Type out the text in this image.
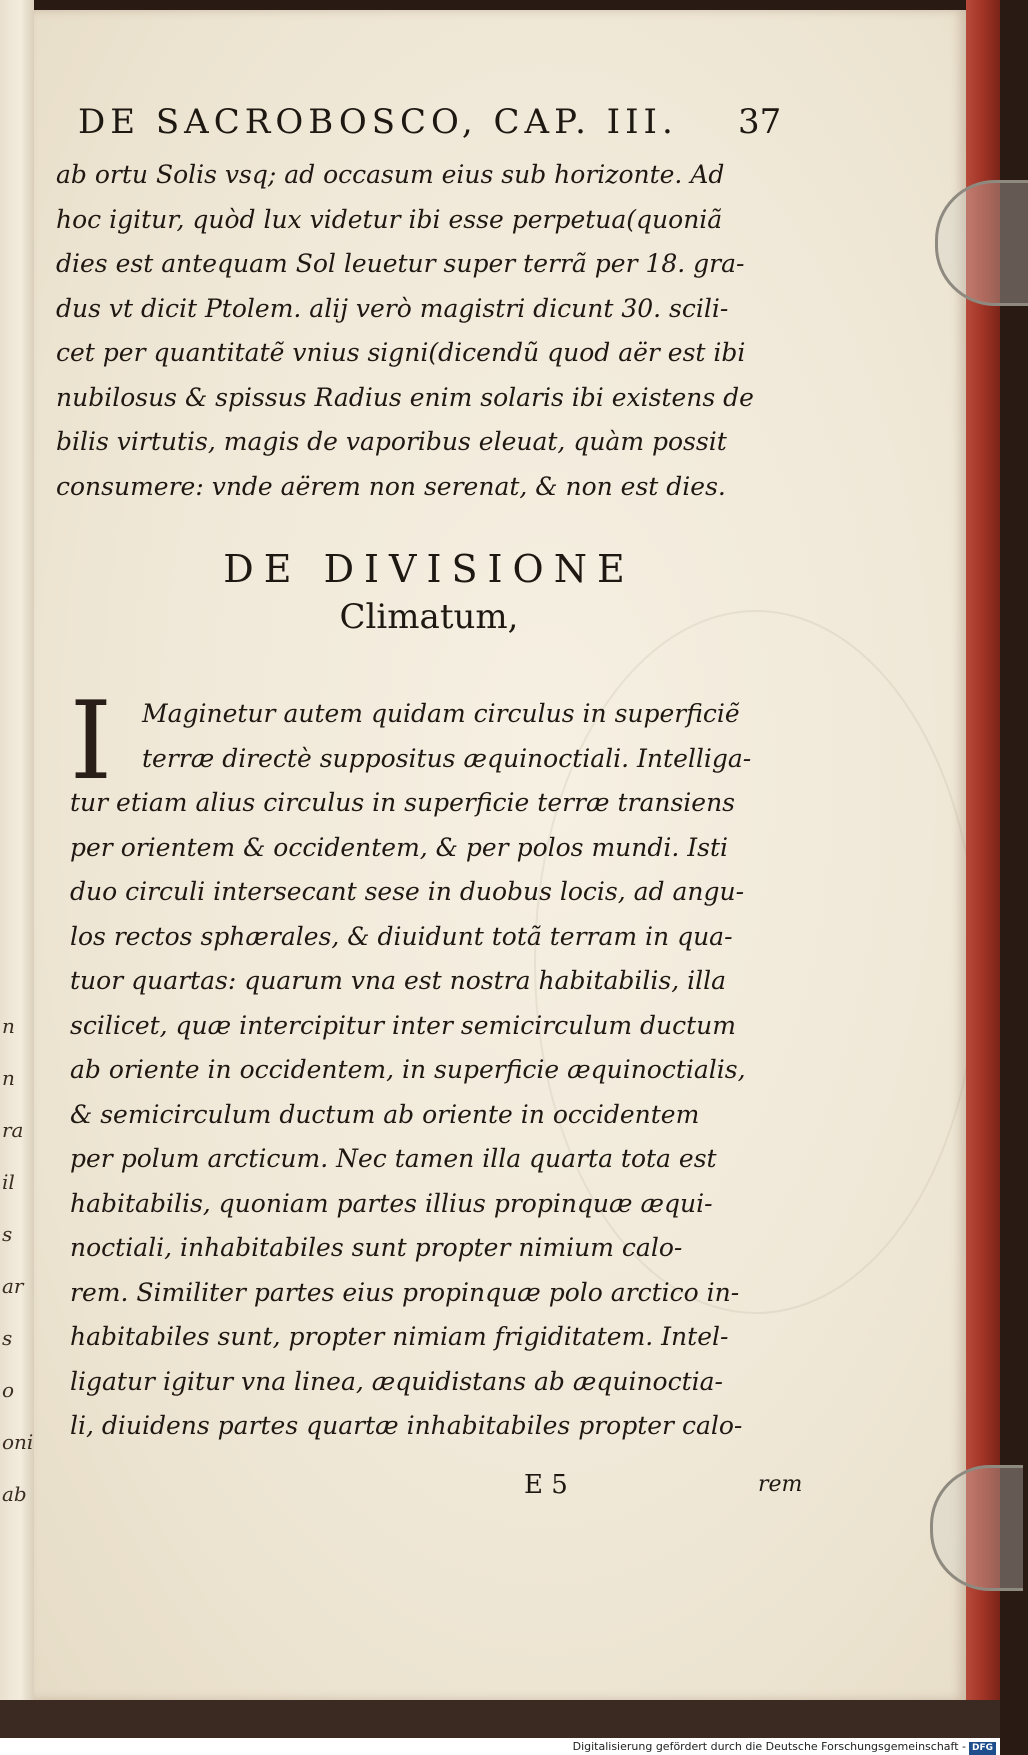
n
n
ra
il
s
ar
s
o
oni
ab
DE SACROBOSCO, CAP. III. 37
ab ortu Solis vsq; ad occasum eius sub horizonte. Ad
hoc igitur, quòd lux videtur ibi esse perpetua(quoniã
dies est antequam Sol leuetur super terrã per 18. gra-
dus vt dicit Ptolem. alij verò magistri dicunt 30. scili-
cet per quantitatẽ vnius signi(dicendũ quod aër est ibi
nubilosus & spissus Radius enim solaris ibi existens de
bilis virtutis, magis de vaporibus eleuat, quàm possit
consumere: vnde aërem non serenat, & non est dies.
DE DIVISIONE
Climatum,
I	Maginetur autem quidam circulus in superficiẽ
terræ directè suppositus æquinoctiali. Intelliga-
tur etiam alius circulus in superficie terræ transiens
per orientem & occidentem, & per polos mundi. Isti
duo circuli intersecant sese in duobus locis, ad angu-
los rectos sphærales, & diuidunt totã terram in qua-
tuor quartas: quarum vna est nostra habitabilis, illa
scilicet, quæ intercipitur inter semicirculum ductum
ab oriente in occidentem, in superficie æquinoctialis,
& semicirculum ductum ab oriente in occidentem
per polum arcticum. Nec tamen illa quarta tota est
habitabilis, quoniam partes illius propinquæ æqui-
noctiali, inhabitabiles sunt propter nimium calo-
rem. Similiter partes eius propinquæ polo arctico in-
habitabiles sunt, propter nimiam frigiditatem. Intel-
ligatur igitur vna linea, æquidistans ab æquinoctia-
li, diuidens partes quartæ inhabitabiles propter calo-
E 5	rem
Digitalisierung gefördert durch die Deutsche Forschungsgemeinschaft - DFG
